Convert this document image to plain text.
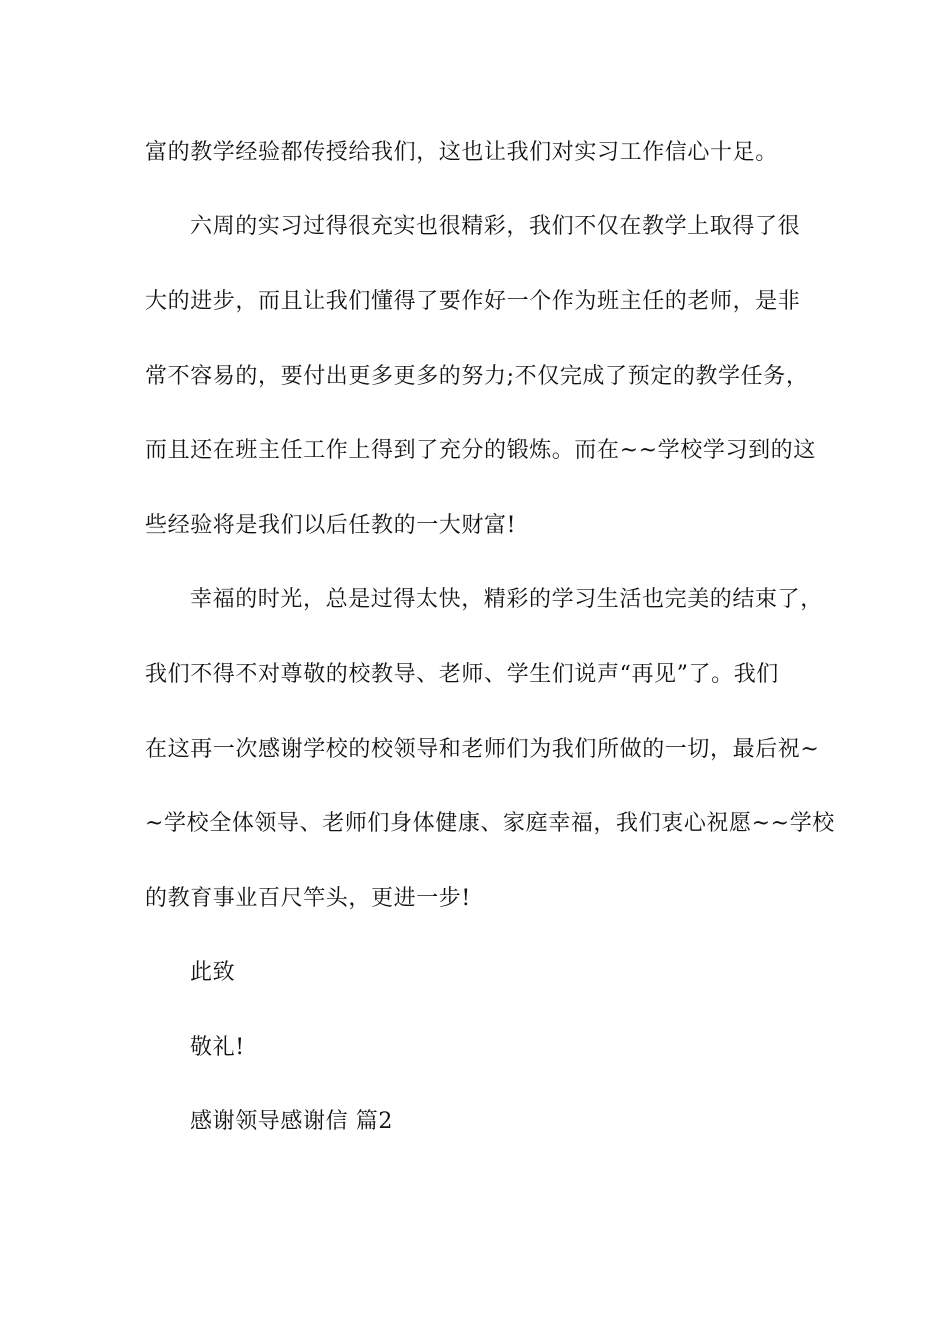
富的教学经验都传授给我们，这也让我们对实习工作信心十足。
六周的实习过得很充实也很精彩，我们不仅在教学上取得了很
大的进步，而且让我们懂得了要作好一个作为班主任的老师，是非
常不容易的，要付出更多更多的努力;不仅完成了预定的教学任务，
而且还在班主任工作上得到了充分的锻炼。而在~~学校学习到的这
些经验将是我们以后任教的一大财富!
幸福的时光，总是过得太快，精彩的学习生活也完美的结束了，
我们不得不对尊敬的校教导、老师、学生们说声“再见”了。我们
在这再一次感谢学校的校领导和老师们为我们所做的一切，最后祝~
~学校全体领导、老师们身体健康、家庭幸福，我们衷心祝愿~~学校
的教育事业百尺竿头，更进一步!
此致
敬礼!
感谢领导感谢信 篇2
